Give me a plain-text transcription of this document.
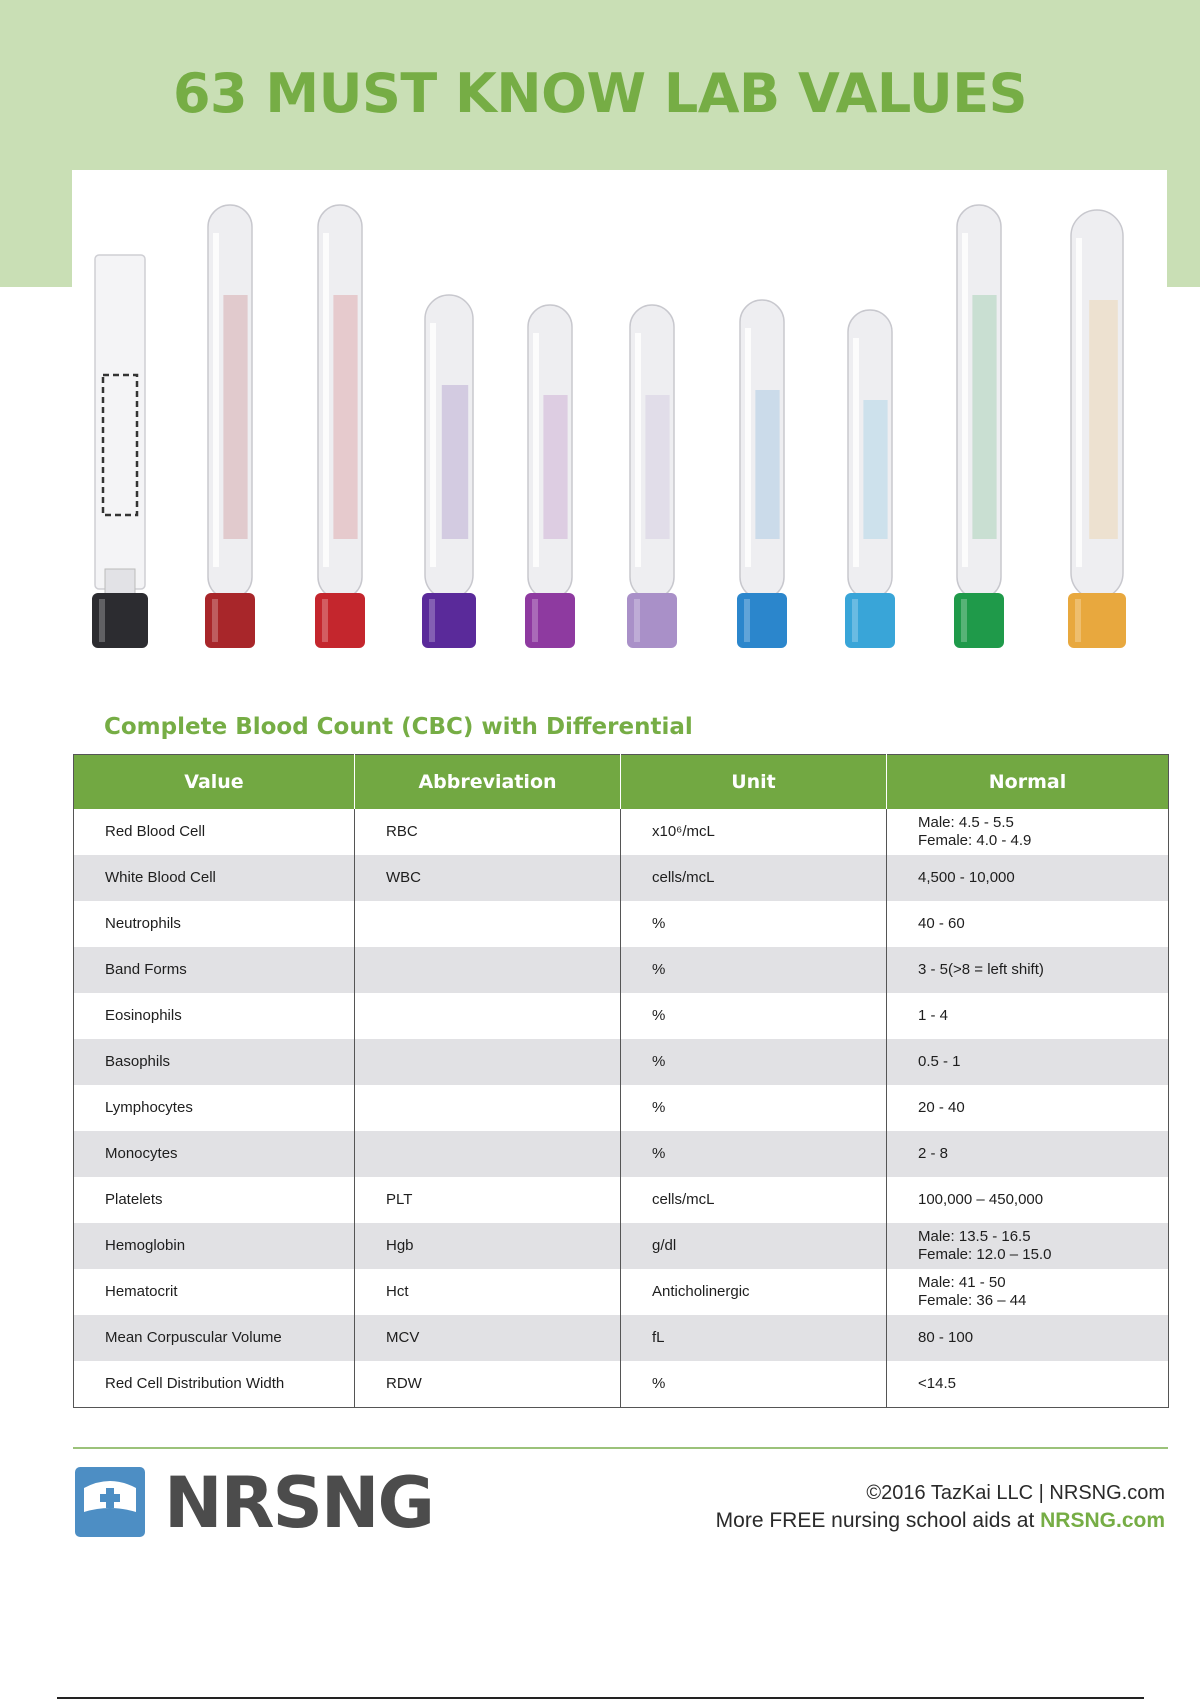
63 MUST KNOW LAB VALUES
Complete Blood Count (CBC) with Differential
Value	Abbreviation	Unit	Normal
Red Blood Cell	RBC	x10⁶/mcL	Male: 4.5 - 5.5
Female: 4.0 - 4.9
White Blood Cell	WBC	cells/mcL	4,500 - 10,000
Neutrophils		%	40 - 60
Band Forms		%	3 - 5(>8 = left shift)
Eosinophils		%	1 - 4
Basophils		%	0.5 - 1
Lymphocytes		%	20 - 40
Monocytes		%	2 - 8
Platelets	PLT	cells/mcL	100,000 – 450,000
Hemoglobin	Hgb	g/dl	Male: 13.5 - 16.5
Female: 12.0 – 15.0
Hematocrit	Hct	Anticholinergic	Male: 41 - 50
Female: 36 – 44
Mean Corpuscular Volume	MCV	fL	80 - 100
Red Cell Distribution Width	RDW	%	<14.5
NRSNG	©2016 TazKai LLC | NRSNG.com
More FREE nursing school aids at NRSNG.com
